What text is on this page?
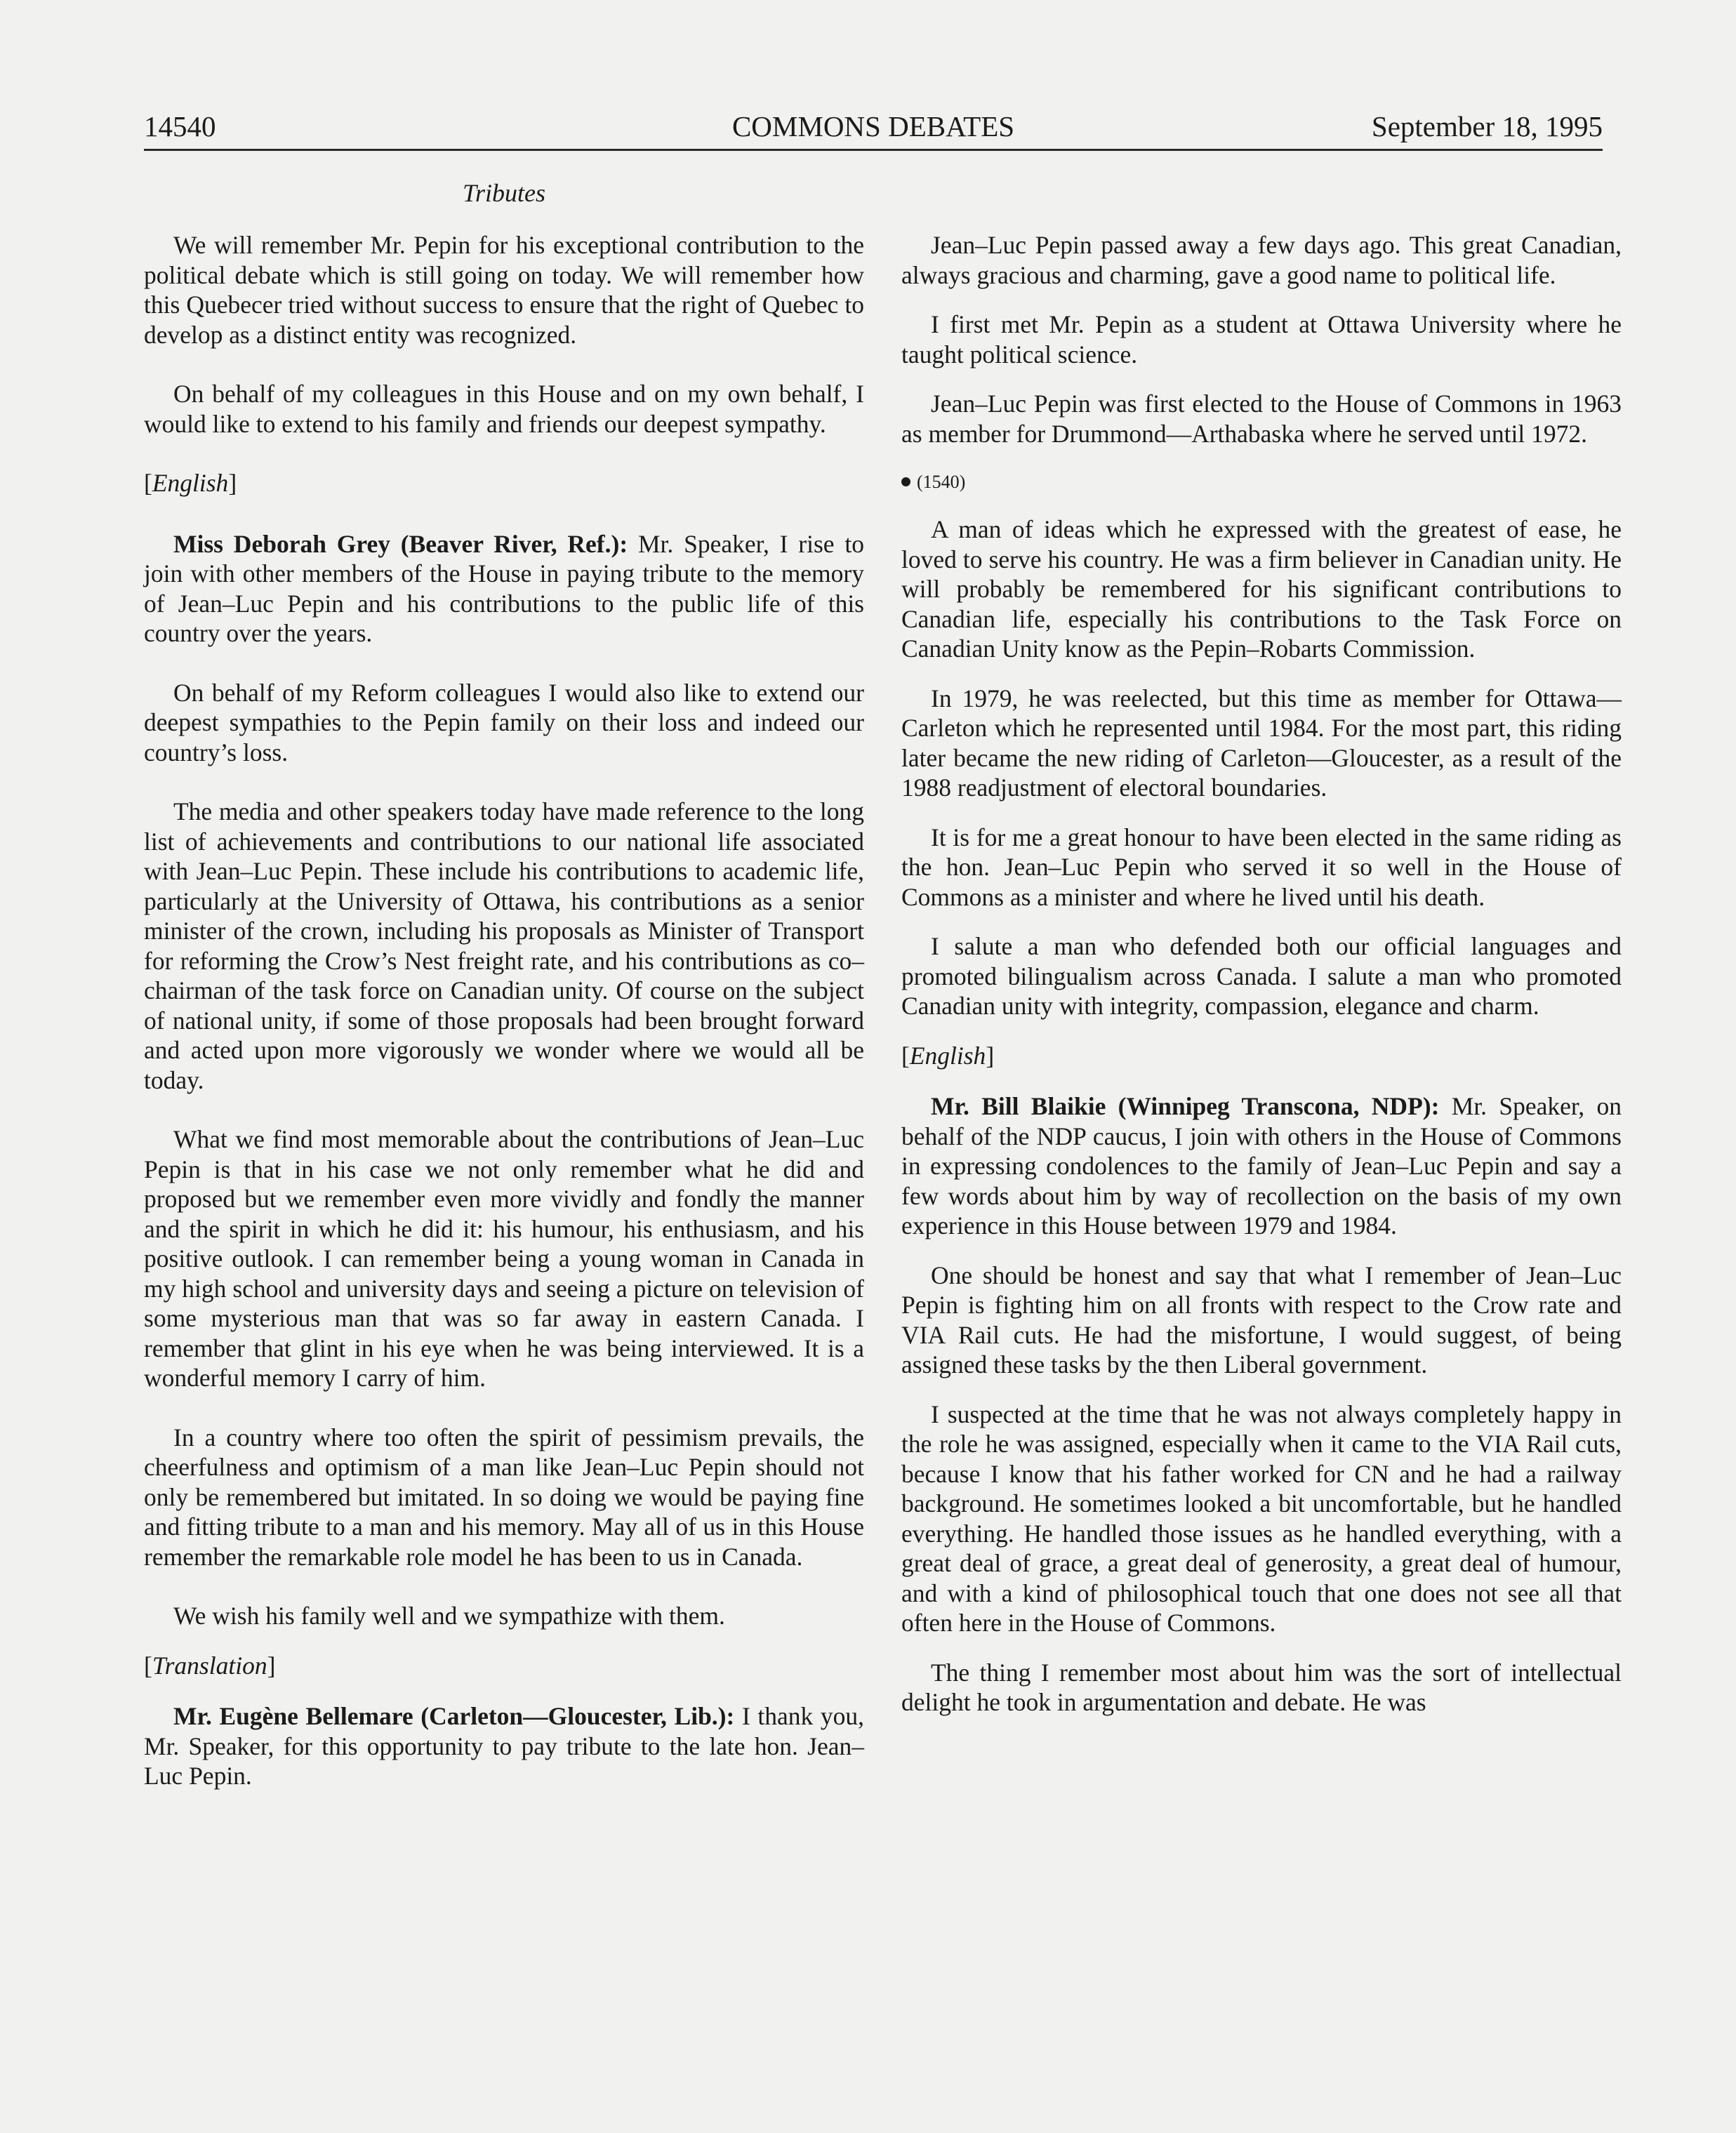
14540	COMMONS DEBATES	September 18, 1995
Tributes

We will remember Mr. Pepin for his exceptional contribution to the political debate which is still going on today. We will remember how this Quebecer tried without success to ensure that the right of Quebec to develop as a distinct entity was recognized.

On behalf of my colleagues in this House and on my own behalf, I would like to extend to his family and friends our deepest sympathy.

[English]

Miss Deborah Grey (Beaver River, Ref.): Mr. Speaker, I rise to join with other members of the House in paying tribute to the memory of Jean–Luc Pepin and his contributions to the public life of this country over the years.

On behalf of my Reform colleagues I would also like to extend our deepest sympathies to the Pepin family on their loss and indeed our country’s loss.

The media and other speakers today have made reference to the long list of achievements and contributions to our national life associated with Jean–Luc Pepin. These include his contributions to academic life, particularly at the University of Ottawa, his contributions as a senior minister of the crown, including his proposals as Minister of Transport for reforming the Crow’s Nest freight rate, and his contributions as co–chairman of the task force on Canadian unity. Of course on the subject of national unity, if some of those proposals had been brought forward and acted upon more vigorously we wonder where we would all be today.

What we find most memorable about the contributions of Jean–Luc Pepin is that in his case we not only remember what he did and proposed but we remember even more vividly and fondly the manner and the spirit in which he did it: his humour, his enthusiasm, and his positive outlook. I can remember being a young woman in Canada in my high school and university days and seeing a picture on television of some mysterious man that was so far away in eastern Canada. I remember that glint in his eye when he was being interviewed. It is a wonderful memory I carry of him.

In a country where too often the spirit of pessimism prevails, the cheerfulness and optimism of a man like Jean–Luc Pepin should not only be remembered but imitated. In so doing we would be paying fine and fitting tribute to a man and his memory. May all of us in this House remember the remarkable role model he has been to us in Canada.

We wish his family well and we sympathize with them.

[Translation]

Mr. Eugène Bellemare (Carleton—Gloucester, Lib.): I thank you, Mr. Speaker, for this opportunity to pay tribute to the late hon. Jean–Luc Pepin.

Jean–Luc Pepin passed away a few days ago. This great Canadian, always gracious and charming, gave a good name to political life.

I first met Mr. Pepin as a student at Ottawa University where he taught political science.

Jean–Luc Pepin was first elected to the House of Commons in 1963 as member for Drummond—Arthabaska where he served until 1972.

(1540)

A man of ideas which he expressed with the greatest of ease, he loved to serve his country. He was a firm believer in Canadian unity. He will probably be remembered for his significant contributions to Canadian life, especially his contributions to the Task Force on Canadian Unity know as the Pepin–Robarts Commission.

In 1979, he was reelected, but this time as member for Ottawa—Carleton which he represented until 1984. For the most part, this riding later became the new riding of Carleton—Gloucester, as a result of the 1988 readjustment of electoral boundaries.

It is for me a great honour to have been elected in the same riding as the hon. Jean–Luc Pepin who served it so well in the House of Commons as a minister and where he lived until his death.

I salute a man who defended both our official languages and promoted bilingualism across Canada. I salute a man who promoted Canadian unity with integrity, compassion, elegance and charm.

[English]

Mr. Bill Blaikie (Winnipeg Transcona, NDP): Mr. Speaker, on behalf of the NDP caucus, I join with others in the House of Commons in expressing condolences to the family of Jean–Luc Pepin and say a few words about him by way of recollection on the basis of my own experience in this House between 1979 and 1984.

One should be honest and say that what I remember of Jean–Luc Pepin is fighting him on all fronts with respect to the Crow rate and VIA Rail cuts. He had the misfortune, I would suggest, of being assigned these tasks by the then Liberal government.

I suspected at the time that he was not always completely happy in the role he was assigned, especially when it came to the VIA Rail cuts, because I know that his father worked for CN and he had a railway background. He sometimes looked a bit uncomfortable, but he handled everything. He handled those issues as he handled everything, with a great deal of grace, a great deal of generosity, a great deal of humour, and with a kind of philosophical touch that one does not see all that often here in the House of Commons.

The thing I remember most about him was the sort of intellectual delight he took in argumentation and debate. He was
